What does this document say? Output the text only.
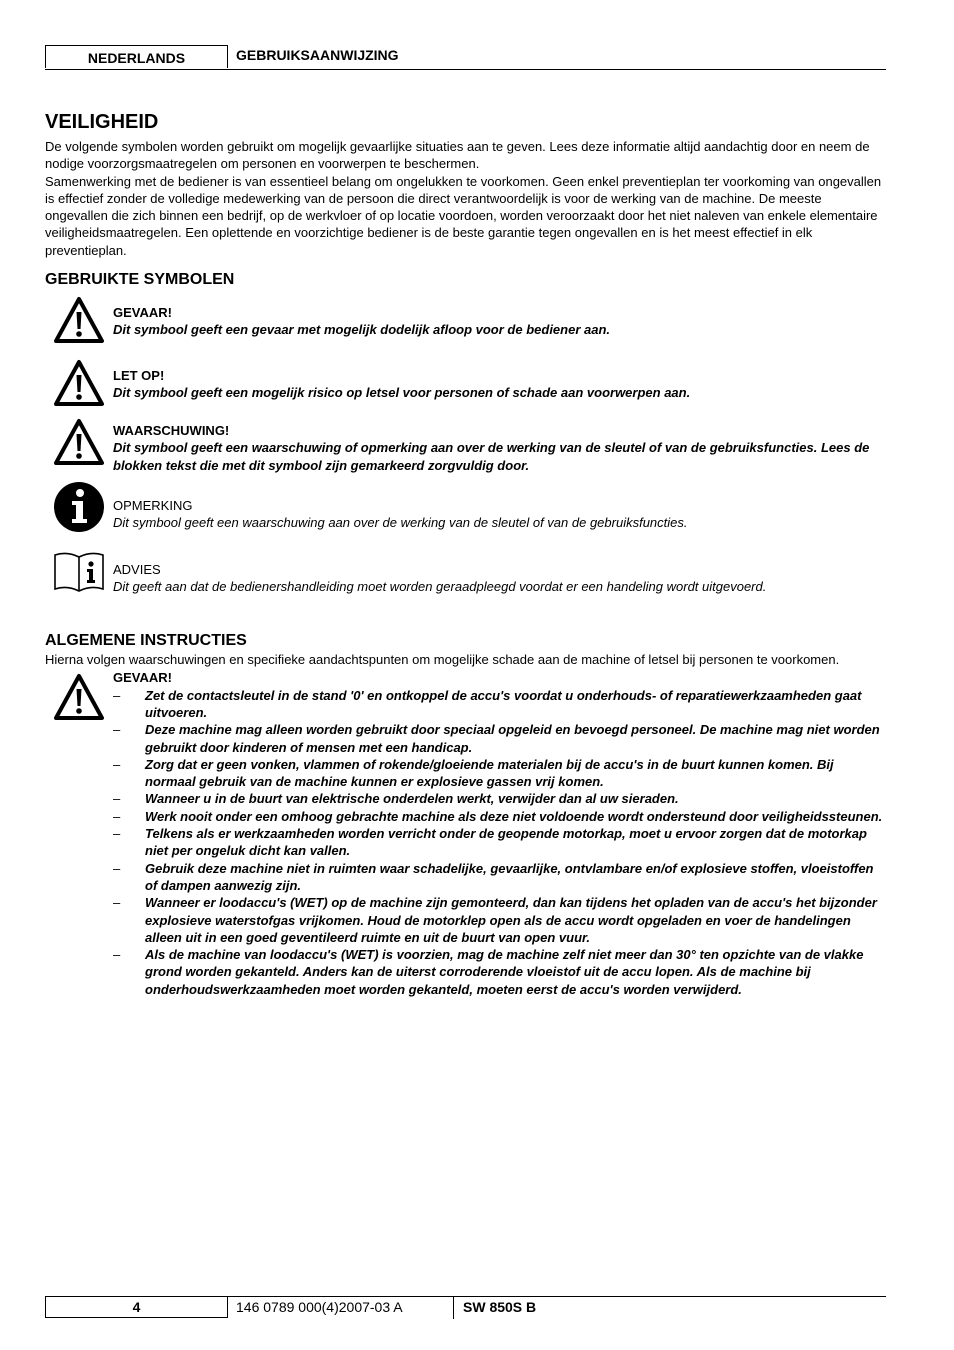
NEDERLANDS	GEBRUIKSAANWIJZING
VEILIGHEID

De volgende symbolen worden gebruikt om mogelijk gevaarlijke situaties aan te geven. Lees deze informatie altijd aandachtig door en neem de nodige voorzorgsmaatregelen om personen en voorwerpen te beschermen.

Samenwerking met de bediener is van essentieel belang om ongelukken te voorkomen. Geen enkel preventieplan ter voorkoming van ongevallen is effectief zonder de volledige medewerking van de persoon die direct verantwoordelijk is voor de werking van de machine. De meeste ongevallen die zich binnen een bedrijf, op de werkvloer of op locatie voordoen, worden veroorzaakt door het niet naleven van enkele elementaire veiligheidsmaatregelen. Een oplettende en voorzichtige bediener is de beste garantie tegen ongevallen en is het meest effectief in elk preventieplan.

GEBRUIKTE SYMBOLEN
GEVAAR!
Dit symbool geeft een gevaar met mogelijk dodelijk afloop voor de bediener aan.
LET OP!
Dit symbool geeft een mogelijk risico op letsel voor personen of schade aan voorwerpen aan.
WAARSCHUWING!
Dit symbool geeft een waarschuwing of opmerking aan over de werking van de sleutel of van de gebruiksfuncties. Lees de blokken tekst die met dit symbool zijn gemarkeerd zorgvuldig door.
OPMERKING
Dit symbool geeft een waarschuwing aan over de werking van de sleutel of van de gebruiksfuncties.
ADVIES
Dit geeft aan dat de bedienershandleiding moet worden geraadpleegd voordat er een handeling wordt uitgevoerd.
ALGEMENE INSTRUCTIES

Hierna volgen waarschuwingen en specifieke aandachtspunten om mogelijke schade aan de machine of letsel bij personen te voorkomen.

GEVAAR!
– Zet de contactsleutel in de stand '0' en ontkoppel de accu's voordat u onderhouds- of reparatiewerkzaamheden gaat uitvoeren.
– Deze machine mag alleen worden gebruikt door speciaal opgeleid en bevoegd personeel. De machine mag niet worden gebruikt door kinderen of mensen met een handicap.
– Zorg dat er geen vonken, vlammen of rokende/gloeiende materialen bij de accu's in de buurt kunnen komen. Bij normaal gebruik van de machine kunnen er explosieve gassen vrij komen.
– Wanneer u in de buurt van elektrische onderdelen werkt, verwijder dan al uw sieraden.
– Werk nooit onder een omhoog gebrachte machine als deze niet voldoende wordt ondersteund door veiligheidssteunen.
– Telkens als er werkzaamheden worden verricht onder de geopende motorkap, moet u ervoor zorgen dat de motorkap niet per ongeluk dicht kan vallen.
– Gebruik deze machine niet in ruimten waar schadelijke, gevaarlijke, ontvlambare en/of explosieve stoffen, vloeistoffen of dampen aanwezig zijn.
– Wanneer er loodaccu's (WET) op de machine zijn gemonteerd, dan kan tijdens het opladen van de accu's het bijzonder explosieve waterstofgas vrijkomen. Houd de motorklep open als de accu wordt opgeladen en voer de handelingen alleen uit in een goed geventileerd ruimte en uit de buurt van open vuur.
– Als de machine van loodaccu's (WET) is voorzien, mag de machine zelf niet meer dan 30° ten opzichte van de vlakke grond worden gekanteld. Anders kan de uiterst corroderende vloeistof uit de accu lopen. Als de machine bij onderhoudswerkzaamheden moet worden gekanteld, moeten eerst de accu's worden verwijderd.
4	146 0789 000(4)2007-03 A	SW 850S B
